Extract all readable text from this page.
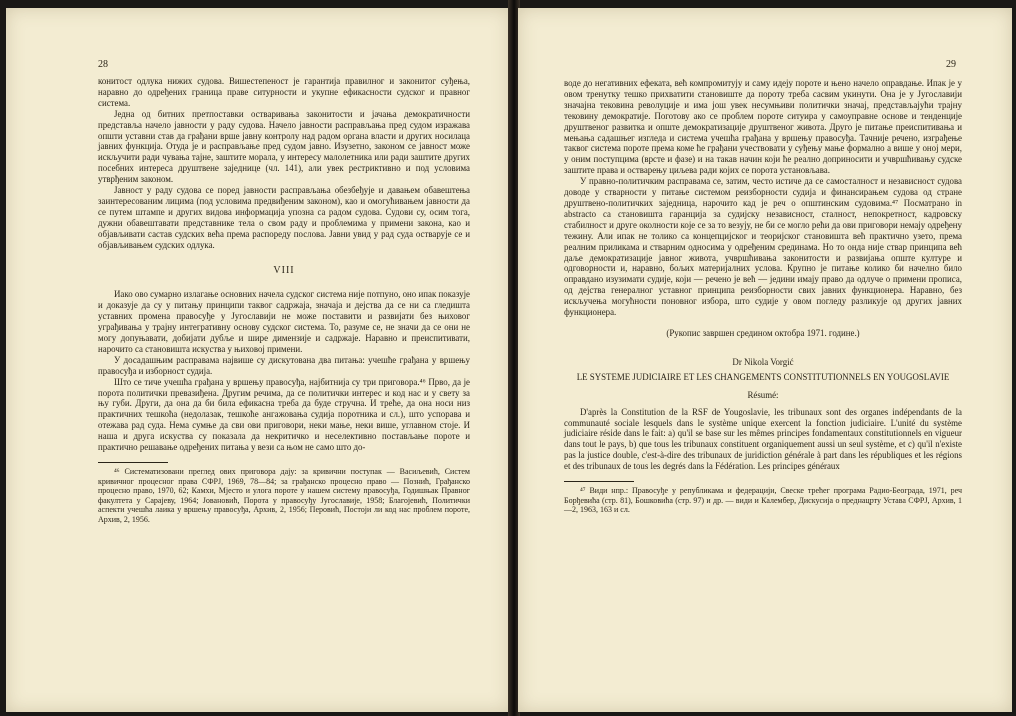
28

конитост одлука нижих судова. Вишестепеност је гарантија правилног и законитог суђења, наравно до одређених граница праве ситурности и укупне ефикасности судског и правног система.

Једна од битних претпоставки остваривања законитости и јачања демократичности представља начело јавности у раду судова. Начело јавности расправљања пред судом изражава општи уставни став да грађани врше јавну контролу над радом органа власти и других носилаца јавних функција. Отуда је и расправљање пред судом јавно. Изузетно, законом се јавност може искључити ради чувања тајне, заштите морала, у интересу малолетника или ради заштите других посебних интереса друштвене заједнице (чл. 141), али увек рестриктивно и под условима утврђеним законом.

Јавност у раду судова се поред јавности расправљања обезбеђује и давањем обавештења заинтересованим лицима (под условима предвиђеним законом), као и омогућивањем јавности да се путем штампе и других видова информација упозна са радом судова. Судови су, осим тога, дужни обавештавати представнике тела о свом раду и проблемима у примени закона, као и објављивати састав судских већа према распореду послова. Јавни увид у рад суда остварује се и објављивањем судских одлука.

VIII

Иако ово сумарно излагање основних начела судског система није потпуно, оно ипак показује и доказује да су у питању принципи таквог садржаја, значаја и дејства да се ни са гледишта уставних промена правосуђе у Југославији не може поставити и развијати без њиховог уграђивања у трајну интегративну основу судског система. То, разуме се, не значи да се они не могу допуњавати, добијати дубље и шире димензије и садржаје. Наравно и преиспитивати, нарочито са становишта искуства у њиховој примени.

У досадашњим расправама највише су дискутована два питања: учешће грађана у вршењу правосуђа и изборност судија.

Што се тиче учешћа грађана у вршењу правосуђа, најбитнија су три приговора.⁴⁶ Прво, да је порота политички превазиђена. Другим речима, да се политички интерес и код нас и у свету за њу губи. Други, да она да би била ефикасна треба да буде стручна. И треће, да она носи низ практичних тешкоћа (недолазак, тешкоће ангажовања судија поротника и сл.), што успорава и отежава рад суда. Нема сумње да сви ови приговори, неки мање, неки више, углавном стоје. И наша и друга искуства су показала да некритичко и неселективно постављање пороте и практично решавање одређених питања у вези са њом не само што до-

⁴⁶ Систематизовани преглед ових приговора дају: за кривични поступак — Васиљевић, Систем кривичног процесног права СФРЈ, 1969, 78—84; за грађанско процесно право — Познић, Грађанско процесно право, 1970, 62; Камхи, Мјесто и улога пороте у нашем систему правосуђа, Годишњак Правног факултета у Сарајеву, 1964; Јовановић, Порота у правосуђу Југославије, 1958; Благојевић, Политички аспекти учешћа лаика у вршењу правосуђа, Архив, 2, 1956; Перовић, Постоји ли код нас проблем пороте, Архив, 2, 1956.

29

воде до негативних ефеката, већ компромитују и саму идеју пороте и њено начело оправдање. Ипак је у овом тренутку тешко прихватити становиште да пороту треба сасвим укинути. Она је у Југославији значајна тековина револуције и има још увек несумњиви политички значај, представљајући трајну тековину демократије. Поготову ако се проблем пороте ситуира у самоуправне основе и тенденције друштвеног развитка и опште демократизације друштвеног живота. Друго је питање преиспитивања и мењања садашњег изгледа и система учешћа грађана у вршењу правосуђа. Тачније речено, изграђење таквог система пороте према коме ће грађани учествовати у суђењу мање формално а више у оној мери, у оним поступцима (врсте и фазе) и на такав начин који ће реално доприносити и учвршћивању судске заштите права и остварењу циљева ради којих се порота установљава.

У правно-политичким расправама се, затим, често истиче да се самосталност и независност судова доводе у стварности у питање системом реизборности судија и финансирањем судова од стране друштвено-политичких заједница, нарочито кад је реч о општинским судовима.⁴⁷ Посматрано in abstracto са становишта гаранција за судијску независност, сталност, непокретност, кадровску стабилност и друге околности које се за то везују, не би се могло рећи да ови приговори немају одређену тежину. Али ипак не толико са концепцијског и теоријског становишта већ практично узето, према реалним приликама и стварним односима у одређеним срединама. Но то онда није ствар принципа већ даље демократизације јавног живота, учвршћивања законитости и развијања опште културе и одговорности и, наравно, бољих материјалних услова. Крупно је питање колико би начелно било оправдано изузимати судије, који — речено је већ — једини имају право да одлуче о примени прописа, од дејства генералног уставног принципа реизборности свих јавних функционера. Наравно, без искључења могућности поновног избора, што судије у овом погледу разликује од других јавних функционера.

(Рукопис завршен средином октобра 1971. године.)
Dr Nikola Vorgić
LE SYSTEME JUDICIAIRE ET LES CHANGEMENTS CONSTITUTIONNELS EN YOUGOSLAVIE
Résumé:

D'après la Constitution de la RSF de Yougoslavie, les tribunaux sont des organes indépendants de la communauté sociale lesquels dans le système unique exercent la fonction judiciaire. L'unité du système judiciaire réside dans le fait: a) qu'il se base sur les mêmes principes fondamentaux constitutionnels en vigueur dans tout le pays, b) que tous les tribunaux constituent organiquement aussi un seul système, et c) qu'il n'existe pas la justice double, c'est-à-dire des tribunaux de juridiction générale à part dans les républiques et les régions et des tribunaux de tous les degrés dans la Fédération. Les principes généraux

⁴⁷ Види нпр.: Правосуђе у републикама и федерацији, Свеске трећег програма Радио-Београда, 1971, реч Борђевића (стр. 81), Бошковића (стр. 97) и др. — види и Калембер, Дискусија о преднацрту Устава СФРЈ, Архив, 1—2, 1963, 163 и сл.
